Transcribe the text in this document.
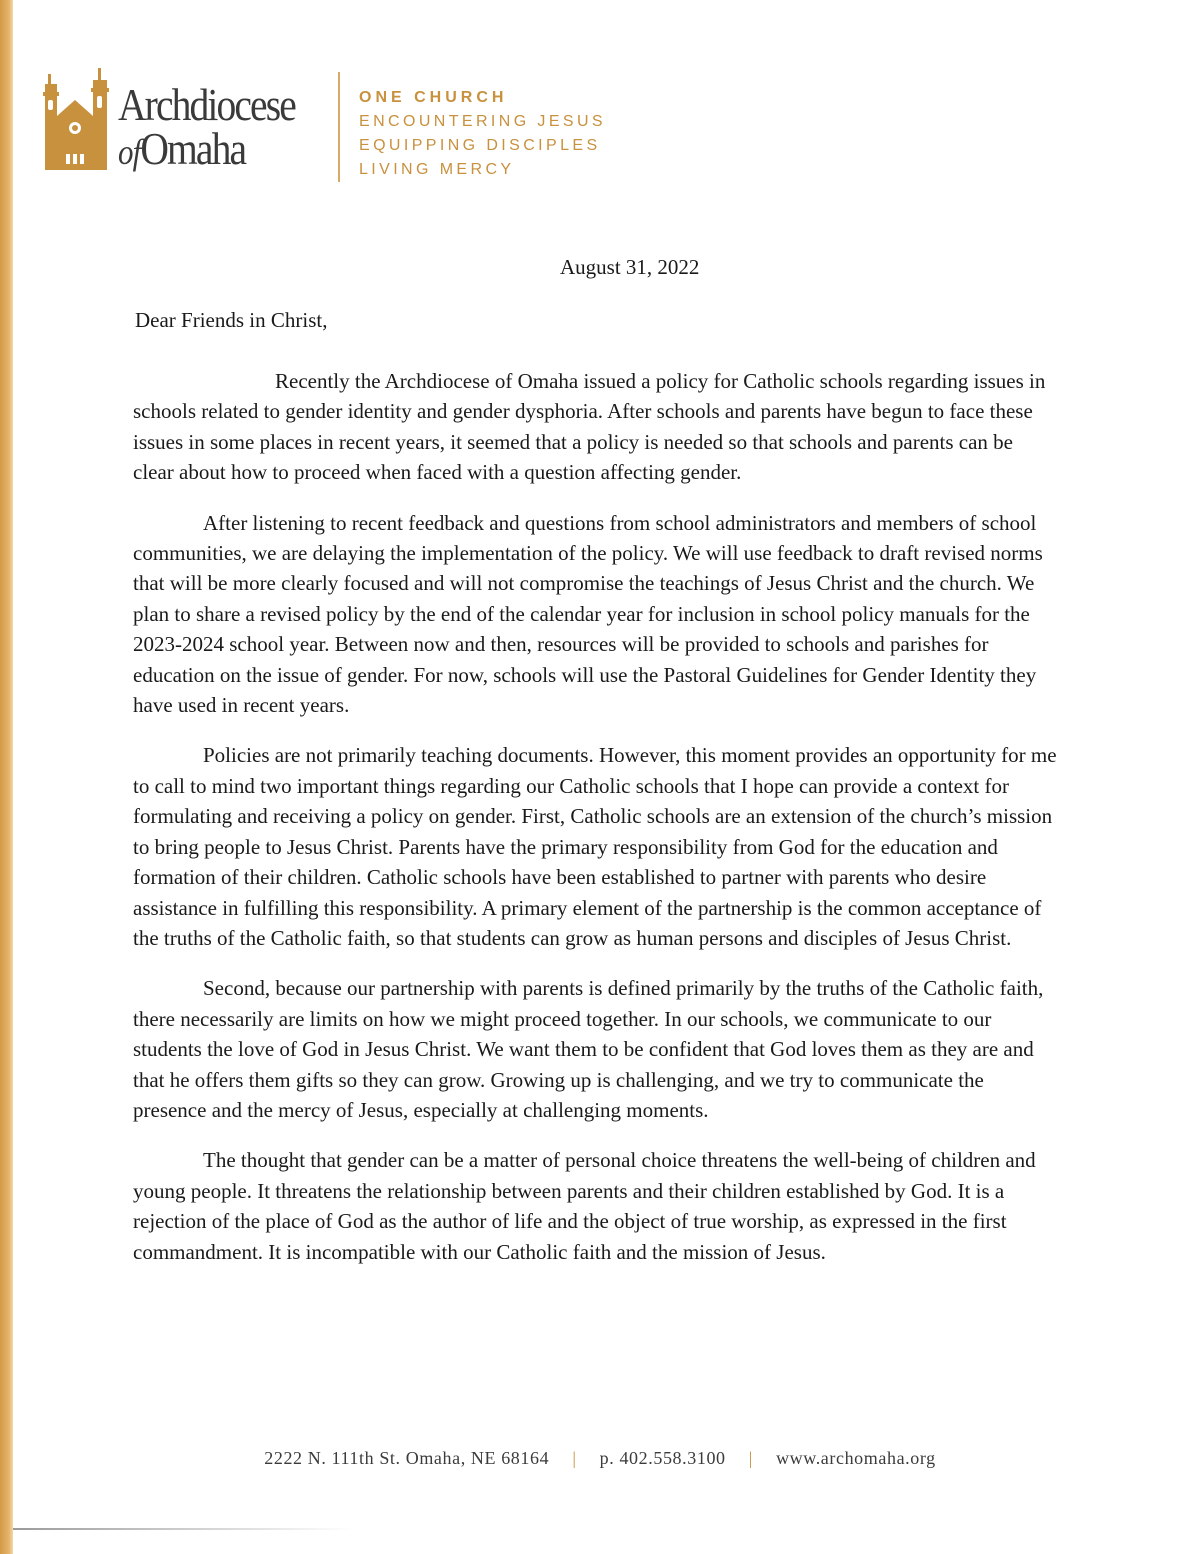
Archdiocese
ofOmaha
ONE CHURCH
ENCOUNTERING JESUS
EQUIPPING DISCIPLES
LIVING MERCY
August 31, 2022
Dear Friends in Christ,

Recently the Archdiocese of Omaha issued a policy for Catholic schools regarding issues in schools related to gender identity and gender dysphoria. After schools and parents have begun to face these issues in some places in recent years, it seemed that a policy is needed so that schools and parents can be clear about how to proceed when faced with a question affecting gender.

After listening to recent feedback and questions from school administrators and members of school communities, we are delaying the implementation of the policy. We will use feedback to draft revised norms that will be more clearly focused and will not compromise the teachings of Jesus Christ and the church. We plan to share a revised policy by the end of the calendar year for inclusion in school policy manuals for the 2023-2024 school year. Between now and then, resources will be provided to schools and parishes for education on the issue of gender. For now, schools will use the Pastoral Guidelines for Gender Identity they have used in recent years.

Policies are not primarily teaching documents. However, this moment provides an opportunity for me to call to mind two important things regarding our Catholic schools that I hope can provide a context for formulating and receiving a policy on gender. First, Catholic schools are an extension of the church’s mission to bring people to Jesus Christ. Parents have the primary responsibility from God for the education and formation of their children. Catholic schools have been established to partner with parents who desire assistance in fulfilling this responsibility. A primary element of the partnership is the common acceptance of the truths of the Catholic faith, so that students can grow as human persons and disciples of Jesus Christ.

Second, because our partnership with parents is defined primarily by the truths of the Catholic faith, there necessarily are limits on how we might proceed together. In our schools, we communicate to our students the love of God in Jesus Christ. We want them to be confident that God loves them as they are and that he offers them gifts so they can grow. Growing up is challenging, and we try to communicate the presence and the mercy of Jesus, especially at challenging moments.

The thought that gender can be a matter of personal choice threatens the well-being of children and young people. It threatens the relationship between parents and their children established by God. It is a rejection of the place of God as the author of life and the object of true worship, as expressed in the first commandment. It is incompatible with our Catholic faith and the mission of Jesus.

2222 N. 111th St. Omaha, NE 68164 | p. 402.558.3100 | www.archomaha.org
